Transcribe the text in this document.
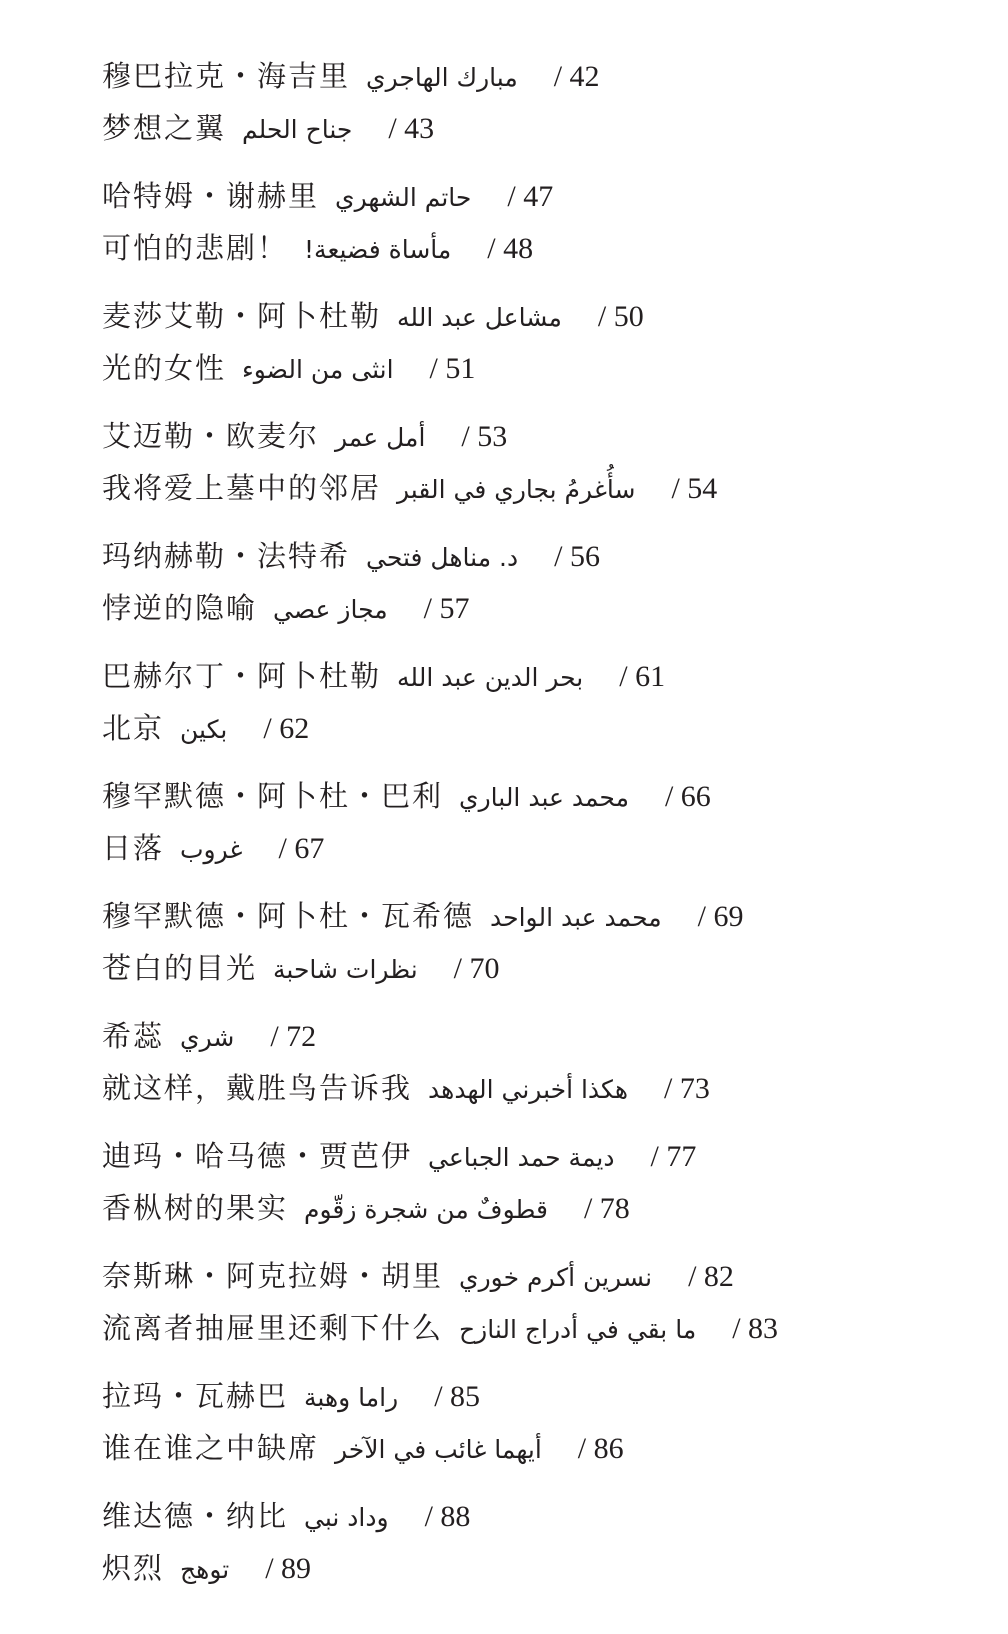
穆巴拉克・海吉里 مبارك الهاجري / 42
梦想之翼 جناح الحلم / 43
哈特姆・谢赫里 حاتم الشهري / 47
可怕的悲剧！ مأساة فضيعة! / 48
麦莎艾勒・阿卜杜勒 مشاعل عبد الله / 50
光的女性 انثى من الضوء / 51
艾迈勒・欧麦尔 أمل عمر / 53
我将爱上墓中的邻居 سأُغرمُ بجاري في القبر / 54
玛纳赫勒・法特希 د. مناهل فتحي / 56
悖逆的隐喻 مجاز عصي / 57
巴赫尔丁・阿卜杜勒 بحر الدين عبد الله / 61
北京 بكين / 62
穆罕默德・阿卜杜・巴利 محمد عبد الباري / 66
日落 غروب / 67
穆罕默德・阿卜杜・瓦希德 محمد عبد الواحد / 69
苍白的目光 نظرات شاحبة / 70
希蕊 شري / 72
就这样，戴胜鸟告诉我 هكذا أخبرني الهدهد / 73
迪玛・哈马德・贾芭伊 ديمة حمد الجباعي / 77
香枞树的果实 قطوفٌ من شجرة زقّوم / 78
奈斯琳・阿克拉姆・胡里 نسرين أكرم خوري / 82
流离者抽屉里还剩下什么 ما بقي في أدراج النازح / 83
拉玛・瓦赫巴 راما وهبة / 85
谁在谁之中缺席 أيهما غائب في الآخر / 86
维达德・纳比 وداد نبي / 88
炽烈 توهج / 89
